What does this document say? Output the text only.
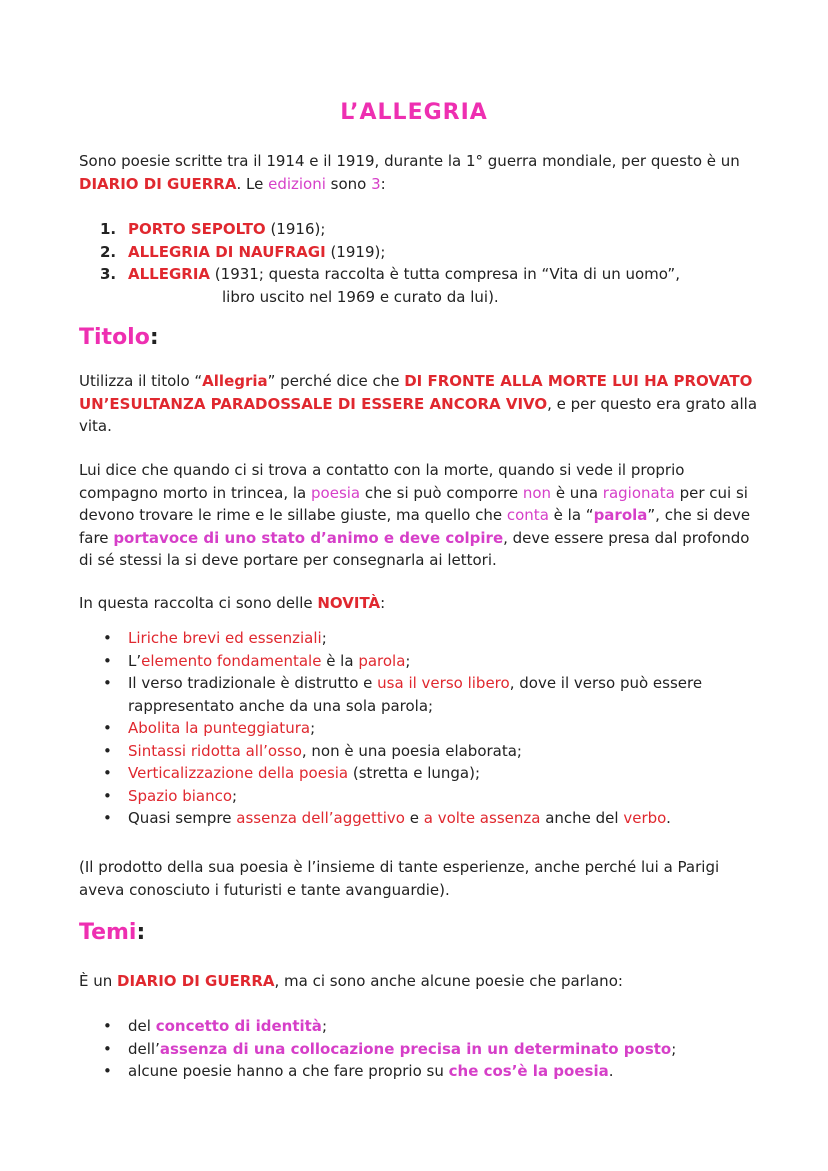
L’ALLEGRIA
Sono poesie scritte tra il 1914 e il 1919, durante la 1° guerra mondiale, per questo è un
DIARIO DI GUERRA. Le edizioni sono 3:
1. PORTO SEPOLTO (1916);
2. ALLEGRIA DI NAUFRAGI (1919);
3. ALLEGRIA (1931; questa raccolta è tutta compresa in “Vita di un uomo”,
libro uscito nel 1969 e curato da lui).
Titolo:
Utilizza il titolo “Allegria” perché dice che DI FRONTE ALLA MORTE LUI HA PROVATO UN’ESULTANZA PARADOSSALE DI ESSERE ANCORA VIVO, e per questo era grato alla vita.
Lui dice che quando ci si trova a contatto con la morte, quando si vede il proprio compagno morto in trincea, la poesia che si può comporre non è una ragionata per cui si devono trovare le rime e le sillabe giuste, ma quello che conta è la “parola”, che si deve fare portavoce di uno stato d’animo e deve colpire, deve essere presa dal profondo di sé stessi la si deve portare per consegnarla ai lettori.
In questa raccolta ci sono delle NOVITÀ:
• Liriche brevi ed essenziali;
• L’elemento fondamentale è la parola;
• Il verso tradizionale è distrutto e usa il verso libero, dove il verso può essere rappresentato anche da una sola parola;
• Abolita la punteggiatura;
• Sintassi ridotta all’osso, non è una poesia elaborata;
• Verticalizzazione della poesia (stretta e lunga);
• Spazio bianco;
• Quasi sempre assenza dell’aggettivo e a volte assenza anche del verbo.
(Il prodotto della sua poesia è l’insieme di tante esperienze, anche perché lui a Parigi aveva conosciuto i futuristi e tante avanguardie).
Temi:
È un DIARIO DI GUERRA, ma ci sono anche alcune poesie che parlano:
• del concetto di identità;
• dell’assenza di una collocazione precisa in un determinato posto;
• alcune poesie hanno a che fare proprio su che cos’è la poesia.
